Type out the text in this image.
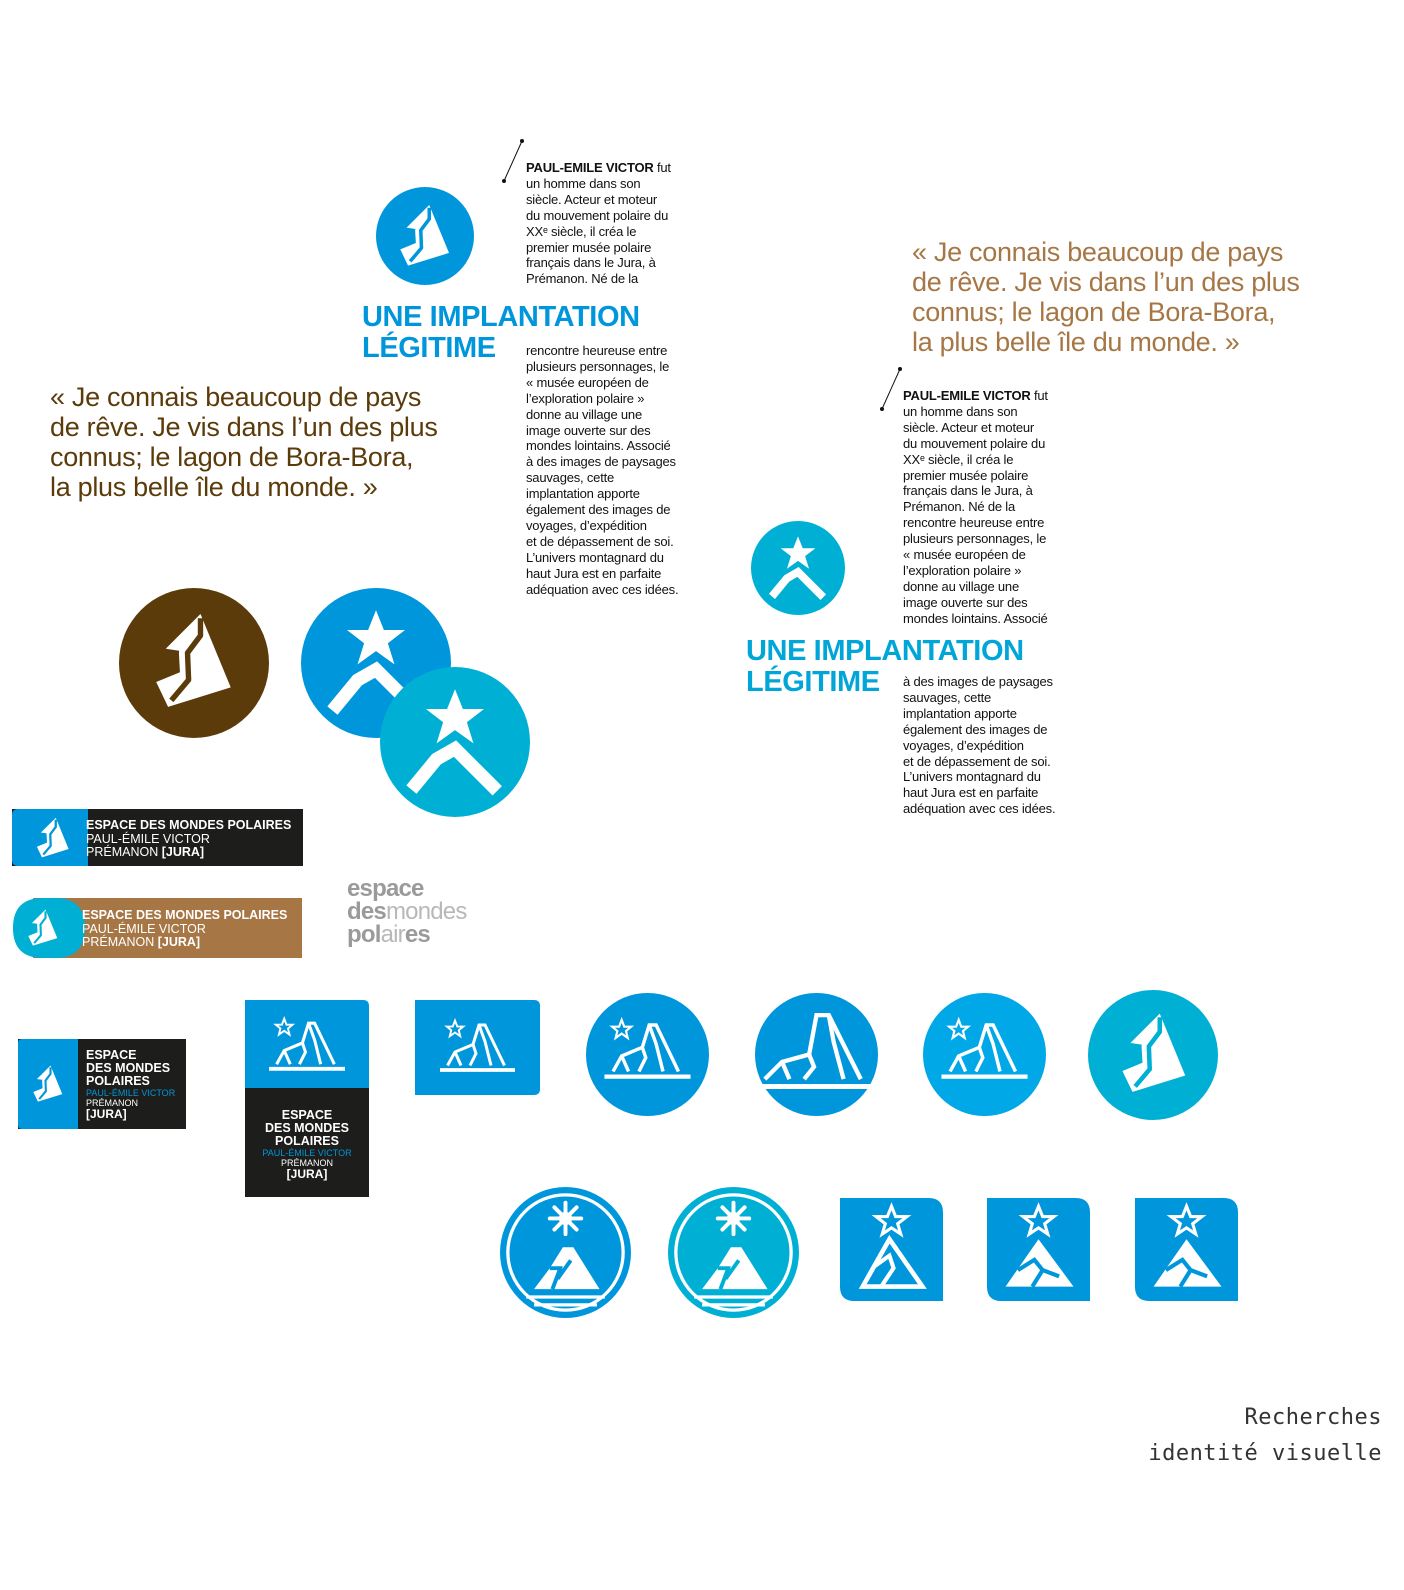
« Je connais beaucoup de pays
de rêve. Je vis dans l’un des plus
connus; le lagon de Bora-Bora,
la plus belle île du monde. »
« Je connais beaucoup de pays
de rêve. Je vis dans l’un des plus
connus; le lagon de Bora-Bora,
la plus belle île du monde. »
UNE IMPLANTATION
LÉGITIME
PAUL-EMILE VICTOR fut
un homme dans son
siècle. Acteur et moteur
du mouvement polaire du
XXᵉ siècle, il créa le
premier musée polaire
français dans le Jura, à
Prémanon. Né de la
rencontre heureuse entre
plusieurs personnages, le
« musée européen de
l’exploration polaire »
donne au village une
image ouverte sur des
mondes lointains. Associé
à des images de paysages
sauvages, cette
implantation apporte
également des images de
voyages, d’expédition
et de dépassement de soi.
L’univers montagnard du
haut Jura est en parfaite
adéquation avec ces idées.
PAUL-EMILE VICTOR fut
un homme dans son
siècle. Acteur et moteur
du mouvement polaire du
XXᵉ siècle, il créa le
premier musée polaire
français dans le Jura, à
Prémanon. Né de la
rencontre heureuse entre
plusieurs personnages, le
« musée européen de
l’exploration polaire »
donne au village une
image ouverte sur des
mondes lointains. Associé
UNE IMPLANTATION
LÉGITIME	à des images de paysages
sauvages, cette
implantation apporte
également des images de
voyages, d’expédition
et de dépassement de soi.
L’univers montagnard du
haut Jura est en parfaite
adéquation avec ces idées.
ESPACE DES MONDES POLAIRES
PAUL-ÉMILE VICTOR
PRÉMANON [JURA]
ESPACE DES MONDES POLAIRES
PAUL-ÉMILE VICTOR
PRÉMANON [JURA]
espace
desmondes
polaires
ESPACE
DES MONDES
POLAIRES
PAUL-ÉMILE VICTOR
PRÉMANON
[JURA]	ESPACE
DES MONDES
POLAIRES
PAUL-ÉMILE VICTOR
PRÉMANON
[JURA]
Recherches
identité visuelle
